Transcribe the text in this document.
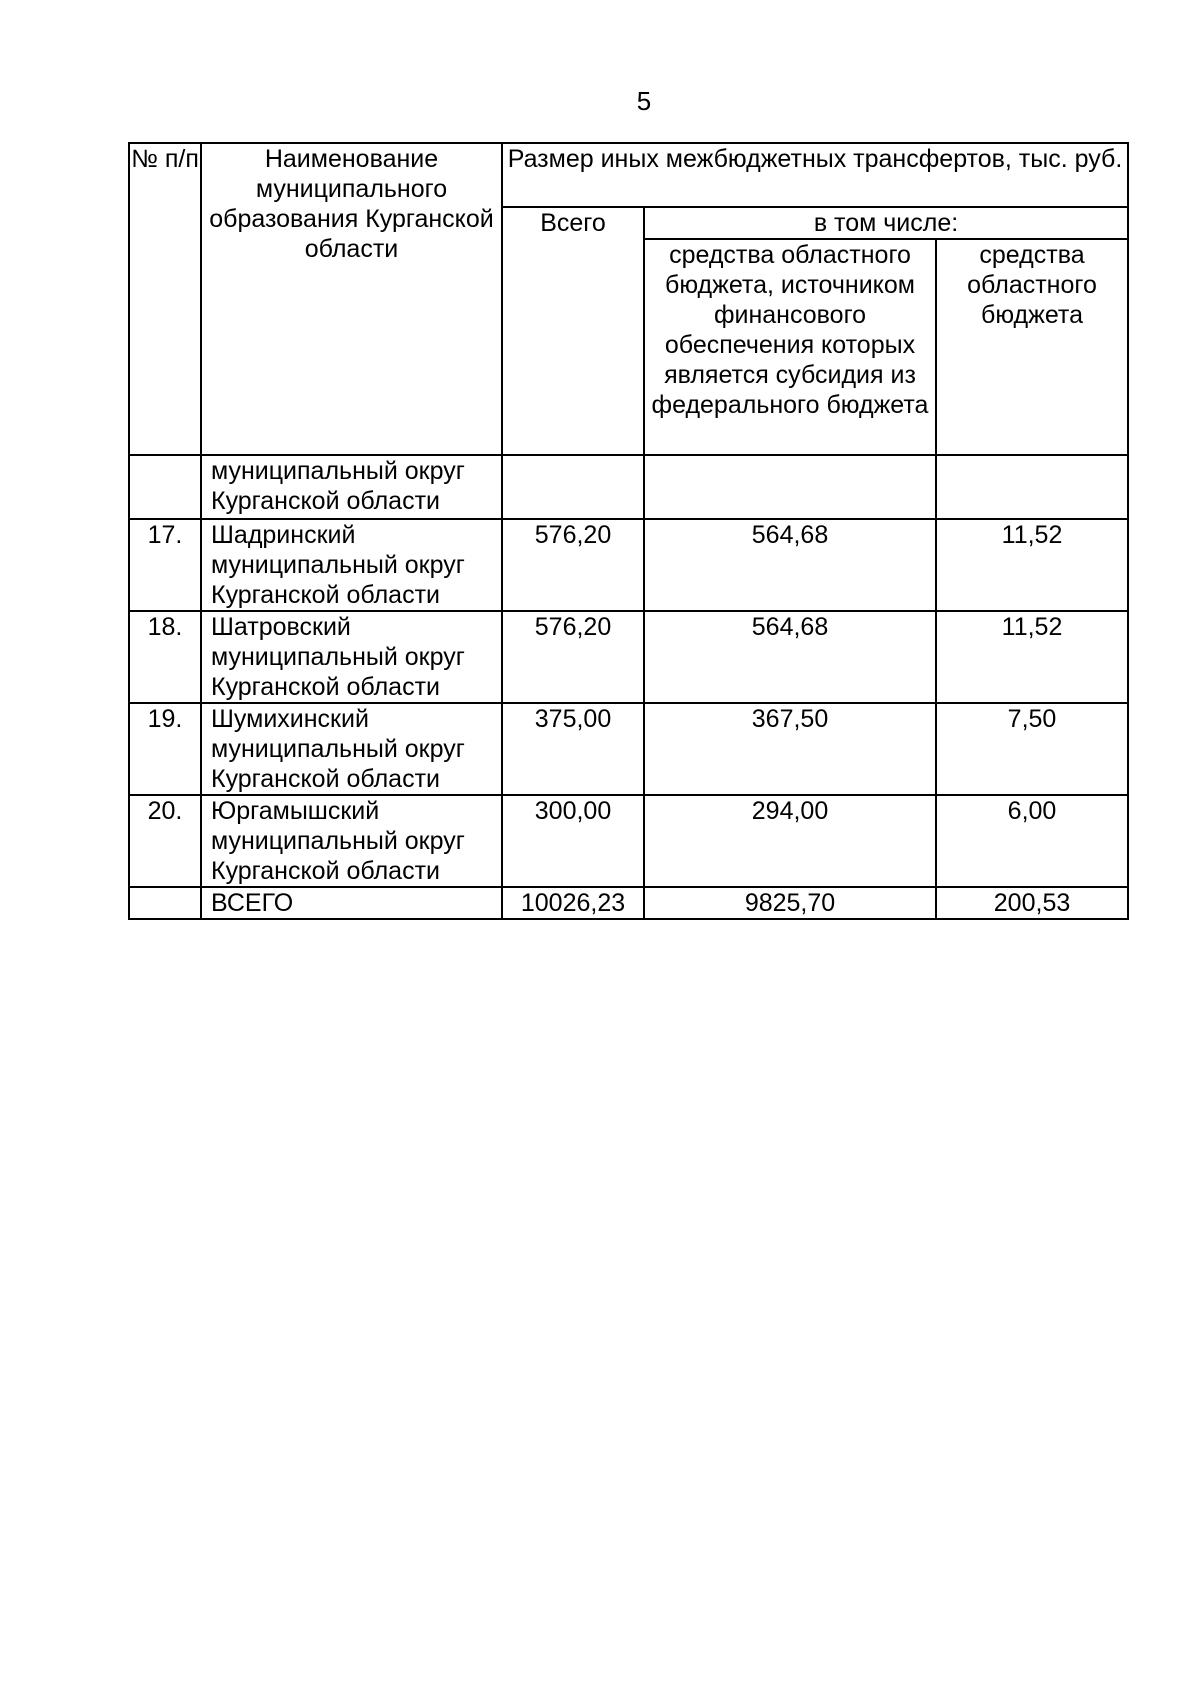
5
№ п/п	Наименование муниципального образования Курганской области	Размер иных межбюджетных трансфертов, тыс. руб.		
		Всего	в том числе:	
			средства областного бюджета, источником финансового обеспечения которых является субсидия из федерального бюджета	средства областного бюджета
	муниципальный округ Курганской области			
17.	Шадринский муниципальный округ Курганской области	576,20	564,68	11,52
18.	Шатровский муниципальный округ Курганской области	576,20	564,68	11,52
19.	Шумихинский муниципальный округ Курганской области	375,00	367,50	7,50
20.	Юргамышский муниципальный округ Курганской области	300,00	294,00	6,00
	ВСЕГО	10026,23	9825,70	200,53
